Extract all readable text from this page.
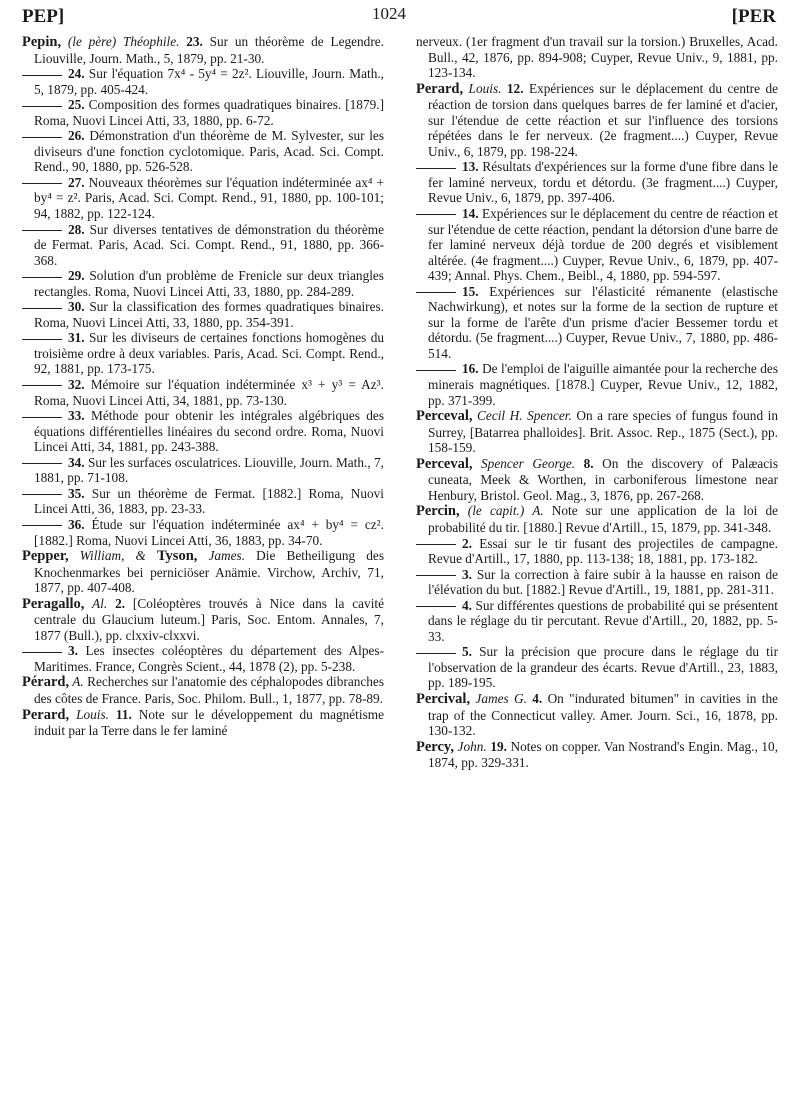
PEP]	1024	[PER

Pepin, (le père) Théophile. 23. Sur un théorème de Legendre. Liouville, Journ. Math., 5, 1879, pp. 21-30.

24. Sur l'équation 7x⁴ - 5y⁴ = 2z². Liouville, Journ. Math., 5, 1879, pp. 405-424.

25. Composition des formes quadratiques binaires. [1879.] Roma, Nuovi Lincei Atti, 33, 1880, pp. 6-72.

26. Démonstration d'un théorème de M. Sylvester, sur les diviseurs d'une fonction cyclotomique. Paris, Acad. Sci. Compt. Rend., 90, 1880, pp. 526-528.

27. Nouveaux théorèmes sur l'équation indéterminée ax⁴ + by⁴ = z². Paris, Acad. Sci. Compt. Rend., 91, 1880, pp. 100-101; 94, 1882, pp. 122-124.

28. Sur diverses tentatives de démonstration du théorème de Fermat. Paris, Acad. Sci. Compt. Rend., 91, 1880, pp. 366-368.

29. Solution d'un problème de Frenicle sur deux triangles rectangles. Roma, Nuovi Lincei Atti, 33, 1880, pp. 284-289.

30. Sur la classification des formes quadratiques binaires. Roma, Nuovi Lincei Atti, 33, 1880, pp. 354-391.

31. Sur les diviseurs de certaines fonctions homogènes du troisième ordre à deux variables. Paris, Acad. Sci. Compt. Rend., 92, 1881, pp. 173-175.

32. Mémoire sur l'équation indéterminée x³ + y³ = Az³. Roma, Nuovi Lincei Atti, 34, 1881, pp. 73-130.

33. Méthode pour obtenir les intégrales algébriques des équations différentielles linéaires du second ordre. Roma, Nuovi Lincei Atti, 34, 1881, pp. 243-388.

34. Sur les surfaces osculatrices. Liouville, Journ. Math., 7, 1881, pp. 71-108.

35. Sur un théorème de Fermat. [1882.] Roma, Nuovi Lincei Atti, 36, 1883, pp. 23-33.

36. Étude sur l'équation indéterminée ax⁴ + by⁴ = cz². [1882.] Roma, Nuovi Lincei Atti, 36, 1883, pp. 34-70.

Pepper, William, & Tyson, James. Die Betheiligung des Knochenmarkes bei perniciöser Anämie. Virchow, Archiv, 71, 1877, pp. 407-408.

Peragallo, Al. 2. [Coléoptères trouvés à Nice dans la cavité centrale du Glaucium luteum.] Paris, Soc. Entom. Annales, 7, 1877 (Bull.), pp. clxxiv-clxxvi.

3. Les insectes coléoptères du département des Alpes-Maritimes. France, Congrès Scient., 44, 1878 (2), pp. 5-238.

Pérard, A. Recherches sur l'anatomie des céphalopodes dibranches des côtes de France. Paris, Soc. Philom. Bull., 1, 1877, pp. 78-89.

Perard, Louis. 11. Note sur le développement du magnétisme induit par la Terre dans le fer laminé

nerveux. (1er fragment d'un travail sur la torsion.) Bruxelles, Acad. Bull., 42, 1876, pp. 894-908; Cuyper, Revue Univ., 9, 1881, pp. 123-134.

Perard, Louis. 12. Expériences sur le déplacement du centre de réaction de torsion dans quelques barres de fer laminé et d'acier, sur l'étendue de cette réaction et sur l'influence des torsions répétées dans le fer nerveux. (2e fragment....) Cuyper, Revue Univ., 6, 1879, pp. 198-224.

13. Résultats d'expériences sur la forme d'une fibre dans le fer laminé nerveux, tordu et détordu. (3e fragment....) Cuyper, Revue Univ., 6, 1879, pp. 397-406.

14. Expériences sur le déplacement du centre de réaction et sur l'étendue de cette réaction, pendant la détorsion d'une barre de fer laminé nerveux déjà tordue de 200 degrés et visiblement altérée. (4e fragment....) Cuyper, Revue Univ., 6, 1879, pp. 407-439; Annal. Phys. Chem., Beibl., 4, 1880, pp. 594-597.

15. Expériences sur l'élasticité rémanente (elastische Nachwirkung), et notes sur la forme de la section de rupture et sur la forme de l'arête d'un prisme d'acier Bessemer tordu et détordu. (5e fragment....) Cuyper, Revue Univ., 7, 1880, pp. 486-514.

16. De l'emploi de l'aiguille aimantée pour la recherche des minerais magnétiques. [1878.] Cuyper, Revue Univ., 12, 1882, pp. 371-399.

Perceval, Cecil H. Spencer. On a rare species of fungus found in Surrey, [Batarrea phalloides]. Brit. Assoc. Rep., 1875 (Sect.), pp. 158-159.

Perceval, Spencer George. 8. On the discovery of Palæacis cuneata, Meek & Worthen, in carboniferous limestone near Henbury, Bristol. Geol. Mag., 3, 1876, pp. 267-268.

Percin, (le capit.) A. Note sur une application de la loi de probabilité du tir. [1880.] Revue d'Artill., 15, 1879, pp. 341-348.

2. Essai sur le tir fusant des projectiles de campagne. Revue d'Artill., 17, 1880, pp. 113-138; 18, 1881, pp. 173-182.

3. Sur la correction à faire subir à la hausse en raison de l'élévation du but. [1882.] Revue d'Artill., 19, 1881, pp. 281-311.

4. Sur différentes questions de probabilité qui se présentent dans le réglage du tir percutant. Revue d'Artill., 20, 1882, pp. 5-33.

5. Sur la précision que procure dans le réglage du tir l'observation de la grandeur des écarts. Revue d'Artill., 23, 1883, pp. 189-195.

Percival, James G. 4. On "indurated bitumen" in cavities in the trap of the Connecticut valley. Amer. Journ. Sci., 16, 1878, pp. 130-132.

Percy, John. 19. Notes on copper. Van Nostrand's Engin. Mag., 10, 1874, pp. 329-331.
